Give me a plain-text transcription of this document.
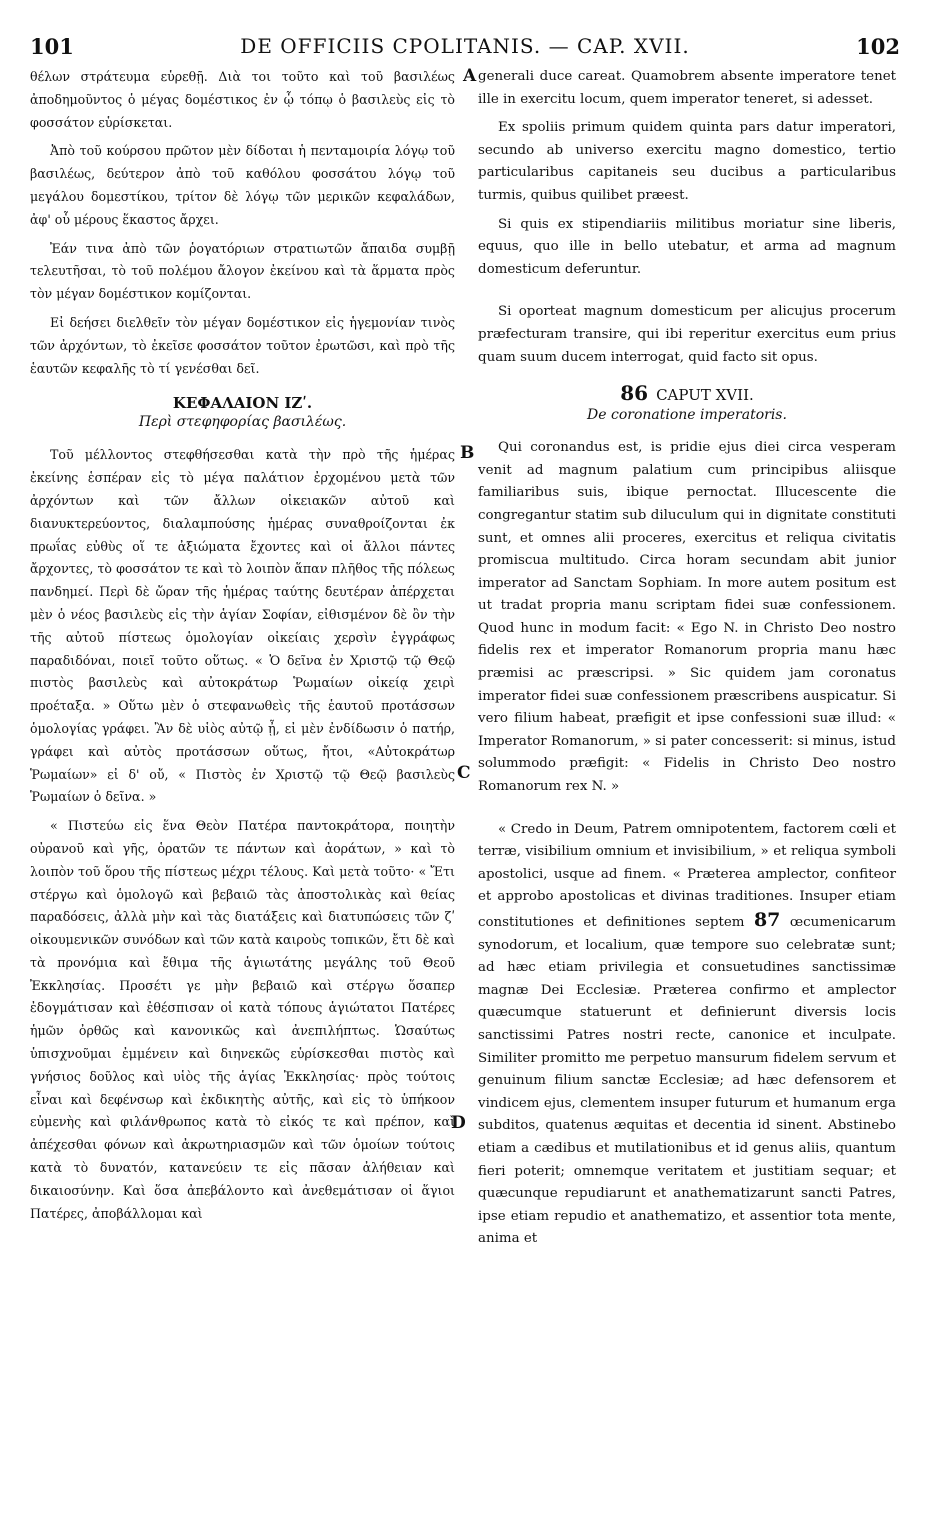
101	DE OFFICIIS CPOLITANIS. — CAP. XVII.	102
A
B
C
D

θέλων στράτευμα εὑρεθῇ. Διὰ τοι τοῦτο καὶ τοῦ βασιλέως ἀποδημοῦντος ὁ μέγας δομέστικος ἐν ᾧ τόπῳ ὁ βασιλεὺς εἰς τὸ φοσσάτον εὑρίσκεται.

Ἀπὸ τοῦ κούρσου πρῶτον μὲν δίδοται ἡ πενταμοιρία λόγῳ τοῦ βασιλέως, δεύτερον ἀπὸ τοῦ καθόλου φοσσάτου λόγῳ τοῦ μεγάλου δομεστίκου, τρίτον δὲ λόγῳ τῶν μερικῶν κεφαλάδων, ἀφ' οὗ μέρους ἕκαστος ἄρχει.

Ἐάν τινα ἀπὸ τῶν ῥογατόριων στρατιωτῶν ἄπαιδα συμβῇ τελευτῆσαι, τὸ τοῦ πολέμου ἄλογον ἐκείνου καὶ τὰ ἅρματα πρὸς τὸν μέγαν δομέστικον κομίζονται.

Εἰ δεήσει διελθεῖν τὸν μέγαν δομέστικον εἰς ἡγεμονίαν τινὸς τῶν ἀρχόντων, τὸ ἐκεῖσε φοσσάτον τοῦτον ἐρωτῶσι, καὶ πρὸ τῆς ἑαυτῶν κεφαλῆς τὸ τί γενέσθαι δεῖ.

ΚΕΦΑΛΑΙΟΝ ΙΖʹ.
Περὶ στεφηφορίας βασιλέως.

Τοῦ μέλλοντος στεφθήσεσθαι κατὰ τὴν πρὸ τῆς ἡμέρας ἐκείνης ἑσπέραν εἰς τὸ μέγα παλάτιον ἐρχομένου μετὰ τῶν ἀρχόντων καὶ τῶν ἄλλων οἰκειακῶν αὐτοῦ καὶ διανυκτερεύοντος, διαλαμπούσης ἡμέρας συναθροίζονται ἐκ πρωΐας εὐθὺς οἵ τε ἀξιώματα ἔχοντες καὶ οἱ ἄλλοι πάντες ἄρχοντες, τὸ φοσσάτον τε καὶ τὸ λοιπὸν ἅπαν πλῆθος τῆς πόλεως πανδημεί. Περὶ δὲ ὥραν τῆς ἡμέρας ταύτης δευτέραν ἀπέρχεται μὲν ὁ νέος βασιλεὺς εἰς τὴν ἁγίαν Σοφίαν, εἰθισμένον δὲ ὂν τὴν τῆς αὐτοῦ πίστεως ὁμολογίαν οἰκείαις χερσὶν ἐγγράφως παραδιδόναι, ποιεῖ τοῦτο οὕτως. « Ὁ δεῖνα ἐν Χριστῷ τῷ Θεῷ πιστὸς βασιλεὺς καὶ αὐτοκράτωρ Ῥωμαίων οἰκείᾳ χειρὶ προέταξα. » Οὕτω μὲν ὁ στεφανωθεὶς τῆς ἑαυτοῦ προτάσσων ὁμολογίας γράφει. Ἂν δὲ υἱὸς αὐτῷ ᾖ, εἰ μὲν ἐνδίδωσιν ὁ πατήρ, γράφει καὶ αὐτὸς προτάσσων οὕτως, ἤτοι, «Αὐτοκράτωρ Ῥωμαίων» εἰ δ' οὔ, « Πιστὸς ἐν Χριστῷ τῷ Θεῷ βασιλεὺς Ῥωμαίων ὁ δεῖνα. »

« Πιστεύω εἰς ἕνα Θεὸν Πατέρα παντοκράτορα, ποιητὴν οὐρανοῦ καὶ γῆς, ὁρατῶν τε πάντων καὶ ἀοράτων, » καὶ τὸ λοιπὸν τοῦ ὅρου τῆς πίστεως μέχρι τέλους. Καὶ μετὰ τοῦτο· « Ἔτι στέργω καὶ ὁμολογῶ καὶ βεβαιῶ τὰς ἀποστολικὰς καὶ θείας παραδόσεις, ἀλλὰ μὴν καὶ τὰς διατάξεις καὶ διατυπώσεις τῶν ζʹ οἰκουμενικῶν συνόδων καὶ τῶν κατὰ καιροὺς τοπικῶν, ἔτι δὲ καὶ τὰ προνόμια καὶ ἔθιμα τῆς ἁγιωτάτης μεγάλης τοῦ Θεοῦ Ἐκκλησίας. Προσέτι γε μὴν βεβαιῶ καὶ στέργω ὅσαπερ ἐδογμάτισαν καὶ ἐθέσπισαν οἱ κατὰ τόπους ἁγιώτατοι Πατέρες ἡμῶν ὀρθῶς καὶ κανονικῶς καὶ ἀνεπιλήπτως. Ὡσαύτως ὑπισχνοῦμαι ἐμμένειν καὶ διηνεκῶς εὑρίσκεσθαι πιστὸς καὶ γνήσιος δοῦλος καὶ υἱὸς τῆς ἁγίας Ἐκκλησίας· πρὸς τούτοις εἶναι καὶ δεφένσωρ καὶ ἐκδικητὴς αὐτῆς, καὶ εἰς τὸ ὑπήκοον εὐμενὴς καὶ φιλάνθρωπος κατὰ τὸ εἰκός τε καὶ πρέπον, καὶ ἀπέχεσθαι φόνων καὶ ἀκρωτηριασμῶν καὶ τῶν ὁμοίων τούτοις κατὰ τὸ δυνατόν, κατανεύειν τε εἰς πᾶσαν ἀλήθειαν καὶ δικαιοσύνην. Καὶ ὅσα ἀπεβάλοντο καὶ ἀνεθεμάτισαν οἱ ἅγιοι Πατέρες, ἀποβάλλομαι καὶ

generali duce careat. Quamobrem absente imperatore tenet ille in exercitu locum, quem imperator teneret, si adesset.

Ex spoliis primum quidem quinta pars datur imperatori, secundo ab universo exercitu magno domestico, tertio particularibus capitaneis seu ducibus a particularibus turmis, quibus quilibet præest.

Si quis ex stipendiariis militibus moriatur sine liberis, equus, quo ille in bello utebatur, et arma ad magnum domesticum deferuntur.

Si oporteat magnum domesticum per alicujus procerum præfecturam transire, qui ibi reperitur exercitus eum prius quam suum ducem interrogat, quid facto sit opus.

86 CAPUT XVII.
De coronatione imperatoris.

Qui coronandus est, is pridie ejus diei circa vesperam venit ad magnum palatium cum principibus aliisque familiaribus suis, ibique pernoctat. Illucescente die congregantur statim sub diluculum qui in dignitate constituti sunt, et omnes alii proceres, exercitus et reliqua civitatis promiscua multitudo. Circa horam secundam abit junior imperator ad Sanctam Sophiam. In more autem positum est ut tradat propria manu scriptam fidei suæ confessionem. Quod hunc in modum facit: « Ego N. in Christo Deo nostro fidelis rex et imperator Romanorum propria manu hæc præmisi ac præscripsi. » Sic quidem jam coronatus imperator fidei suæ confessionem præscribens auspicatur. Si vero filium habeat, præfigit et ipse confessioni suæ illud: « Imperator Romanorum, » si pater concesserit: si minus, istud solummodo præfigit: « Fidelis in Christo Deo nostro Romanorum rex N. »

« Credo in Deum, Patrem omnipotentem, factorem cœli et terræ, visibilium omnium et invisibilium, » et reliqua symboli apostolici, usque ad finem. « Præterea amplector, confiteor et approbo apostolicas et divinas traditiones. Insuper etiam constitutiones et definitiones septem 87 œcumenicarum synodorum, et localium, quæ tempore suo celebratæ sunt; ad hæc etiam privilegia et consuetudines sanctissimæ magnæ Dei Ecclesiæ. Præterea confirmo et amplector quæcumque statuerunt et definierunt diversis locis sanctissimi Patres nostri recte, canonice et inculpate. Similiter promitto me perpetuo mansurum fidelem servum et genuinum filium sanctæ Ecclesiæ; ad hæc defensorem et vindicem ejus, clementem insuper futurum et humanum erga subditos, quatenus æquitas et decentia id sinent. Abstinebo etiam a cædibus et mutilationibus et id genus aliis, quantum fieri poterit; omnemque veritatem et justitiam sequar; et quæcunque repudiarunt et anathematizarunt sancti Patres, ipse etiam repudio et anathematizo, et assentior tota mente, anima et
